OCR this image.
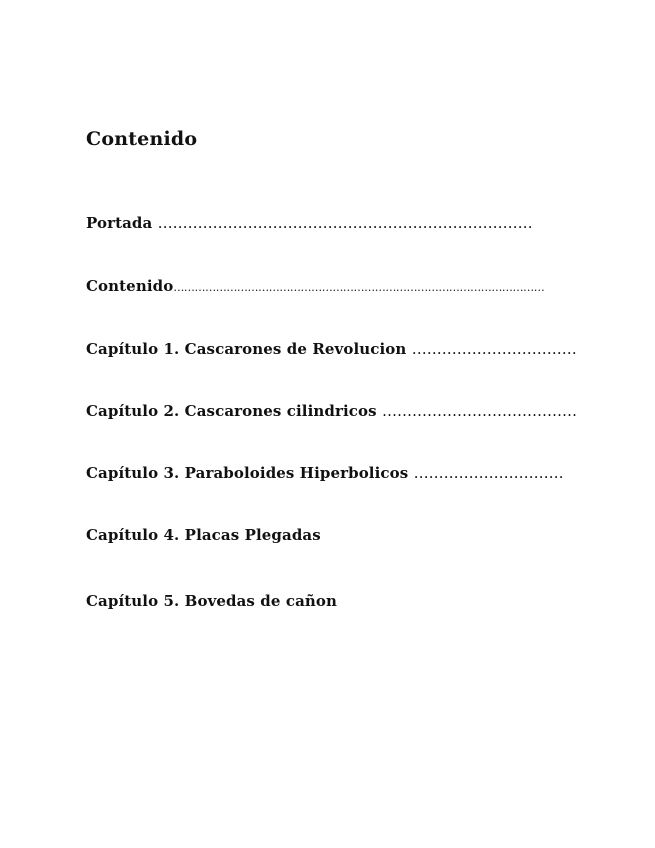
Contenido
Portada …………………………………………………………………
Contenido……………………………………………………………………………………………
Capítulo 1. Cascarones de Revolucion ……………………………
Capítulo 2. Cascarones cilindricos …………………………………
Capítulo 3. Paraboloides Hiperbolicos …………………………
Capítulo 4. Placas Plegadas
Capítulo 5. Bovedas de cañon
